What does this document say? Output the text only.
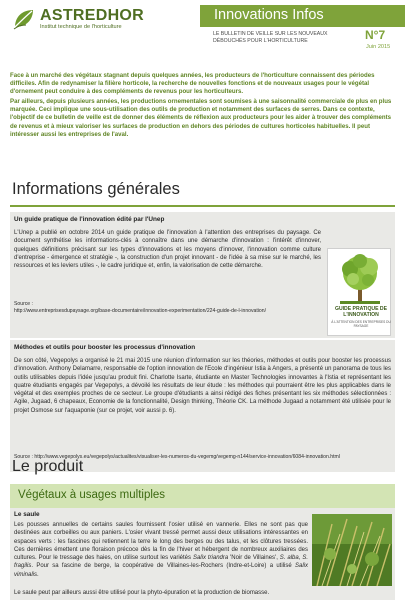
ASTREDHOR
Institut technique de l'horticulture
Innovations Infos
LE BULLETIN DE VEILLE SUR LES NOUVEAUX
DÉBOUCHÉS POUR L'HORTICULTURE	N°7
Juin 2015

Face à un marché des végétaux stagnant depuis quelques années, les producteurs de l'horticulture connaissent des périodes difficiles. Afin de redynamiser la filière horticole, la recherche de nouvelles fonctions et de nouveaux usages pour le végétal d'ornement peut conduire à des compléments de revenus pour les horticulteurs.

Par ailleurs, depuis plusieurs années, les productions ornementales sont soumises à une saisonnalité commerciale de plus en plus marquée. Ceci implique une sous-utilisation des outils de production et notamment des surfaces de serres. Dans ce contexte, l'objectif de ce bulletin de veille est de donner des éléments de réflexion aux producteurs pour les aider à trouver des compléments de revenus et à mieux valoriser les surfaces de production en dehors des périodes de cultures horticoles habituelles. Il peut intéresser aussi les entreprises de l'aval.

Informations générales
Un guide pratique de l'innovation édité par l'Unep
L'Unep a publié en octobre 2014 un guide pratique de l'innovation à l'attention des entreprises du paysage. Ce document synthétise les informations-clés à connaître dans une démarche d'innovation : l'intérêt d'innover, quelques définitions précisant sur les types d'innovations et les moyens d'innover, l'innovation comme culture d'entreprise - émergence et stratégie -, la construction d'un projet innovant - de l'idée à sa mise sur le marché, les ressources et les leviers utiles -, le cadre juridique et, enfin, la valorisation de cette démarche.
Source :
http://www.entreprisesdupaysage.org/base-documentaire/innovation-experimentation/224-guide-de-l-innovation/	GUIDE PRATIQUE DE L'INNOVATION
À L'ATTENTION DES ENTREPRISES DU PAYSAGE
Méthodes et outils pour booster les processus d'innovation
De son côté, Vegepolys a organisé le 21 mai 2015 une réunion d'information sur les théories, méthodes et outils pour booster les processus d'innovation. Anthony Delamarre, responsable de l'option innovation de l'Ecole d'ingénieur Istia à Angers, a présenté un panorama de tous les outils utilisables depuis l'idée jusqu'au produit fini. Charlotte Isarte, étudiante en Master Technologies innovantes à l'Istia et représentant les quatre étudiants engagés par Vegepolys, a dévoilé les résultats de leur étude : les méthodes qui pourraient être les plus applicables dans le végétal et des exemples proches de ce secteur. Le groupe d'étudiants a ainsi rédigé des fiches présentant les six méthodes sélectionnées : Agile, Jugaad, 6 chapeaux, Economie de la fonctionnalité, Design thinking, Théorie CK. La méthode Jugaad a notamment été utilisée pour le projet Osmose sur l'aquaponie (sur ce projet, voir aussi p. 6).
Source : http://www.vegepolys.eu/vegepolys/actualites/visualiser-les-numeros-du-vegemg/vegemg-n144/service-innovation/6084-innovation.html
Végétaux à usages multiples
Le saule
Les pousses annuelles de certains saules fournissent l'osier utilisé en vannerie. Elles ne sont pas que destinées aux corbeilles ou aux paniers. L'osier vivant tressé permet aussi deux utilisations intéressantes en espaces verts : les fascines qui retiennent la terre le long des berges ou des talus, et les clôtures tressées. Ces dernières émettent une floraison précoce dès la fin de l'hiver et hébergent de nombreux auxiliaires des cultures. Pour le tressage des haies, on utilise surtout les variétés Salix triandra 'Noir de Villaines', S. alba, S. fragilis. Pour sa fascine de berge, la coopérative de Villaines-les-Rochers (Indre-et-Loire) a utilisé Salix viminalis.
Le saule peut par ailleurs aussi être utilisé pour la phyto-épuration et la production de biomasse.
Le produit
